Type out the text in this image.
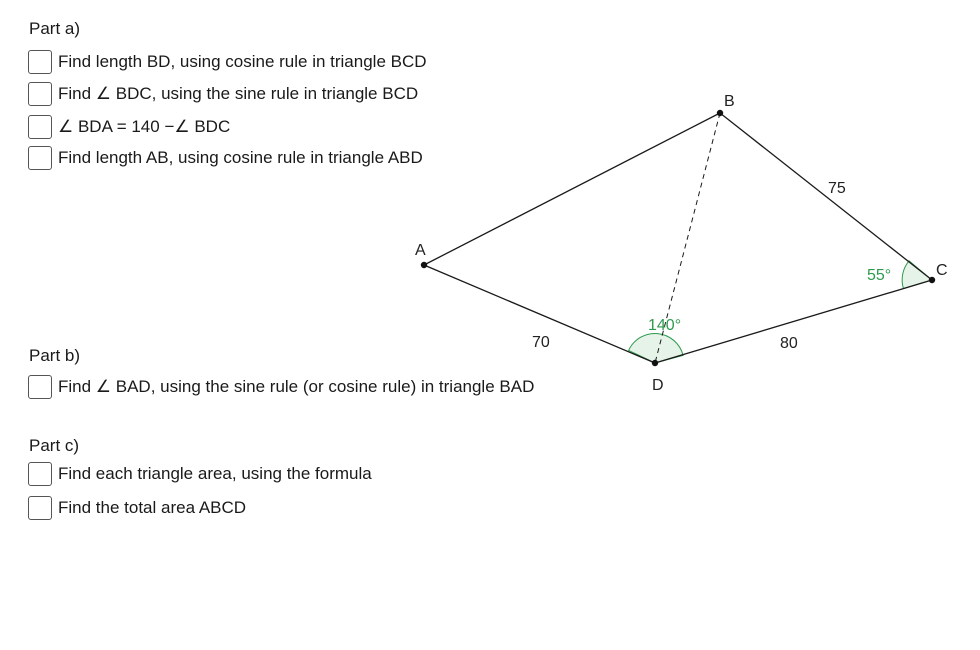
Part a)
Find length BD, using cosine rule in triangle BCD
Find ∠ BDC, using the sine rule in triangle BCD
∠ BDA = 140 −∠ BDC
Find length AB, using cosine rule in triangle ABD
Part b)
Find ∠ BAD, using the sine rule (or cosine rule) in triangle BAD
Part c)
Find each triangle area, using the formula
Find the total area ABCD
A
B
C
D
70	80
75
140°
55°
